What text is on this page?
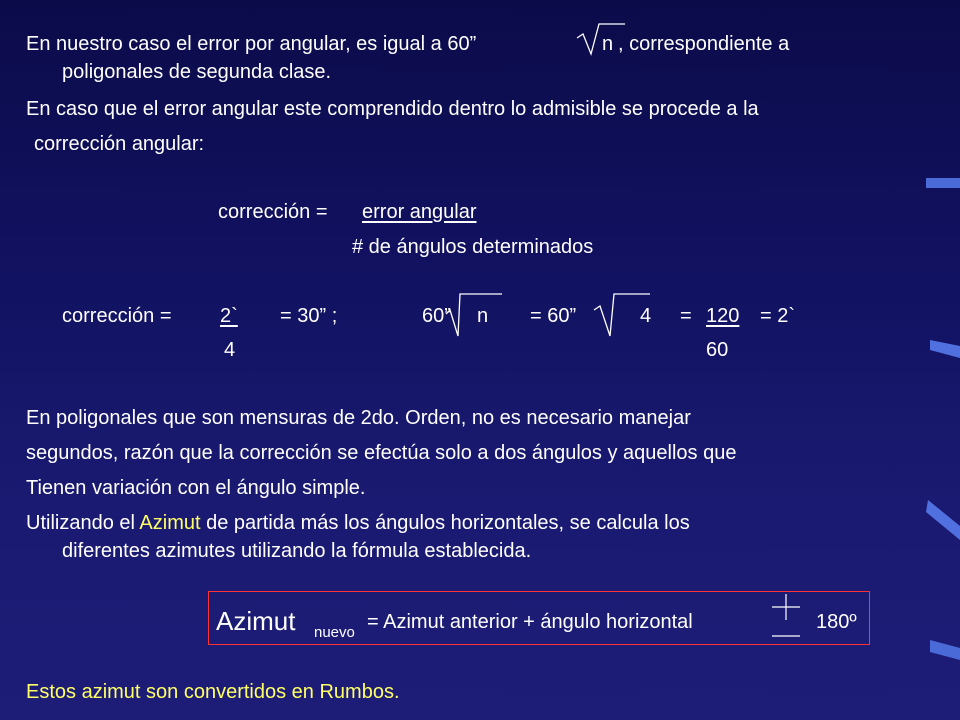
En nuestro caso el error por angular, es igual a 60”	n , correspondiente a
poligonales de segunda clase.
En caso que el error angular este comprendido dentro lo admisible se procede a la
corrección angular:
corrección = error angular
# de ángulos determinados
corrección = 2` = 30” ;	60” n = 60”	4 = 120 = 2`
4	60
En poligonales que son mensuras de 2do. Orden, no es necesario manejar
segundos, razón que la corrección se efectúa solo a dos ángulos y aquellos que
Tienen variación con el ángulo simple.
Utilizando el Azimut de partida más los ángulos horizontales, se calcula los
diferentes azimutes utilizando la fórmula establecida.
Azimut nuevo = Azimut anterior + ángulo horizontal	180º
Estos azimut son convertidos en Rumbos.
